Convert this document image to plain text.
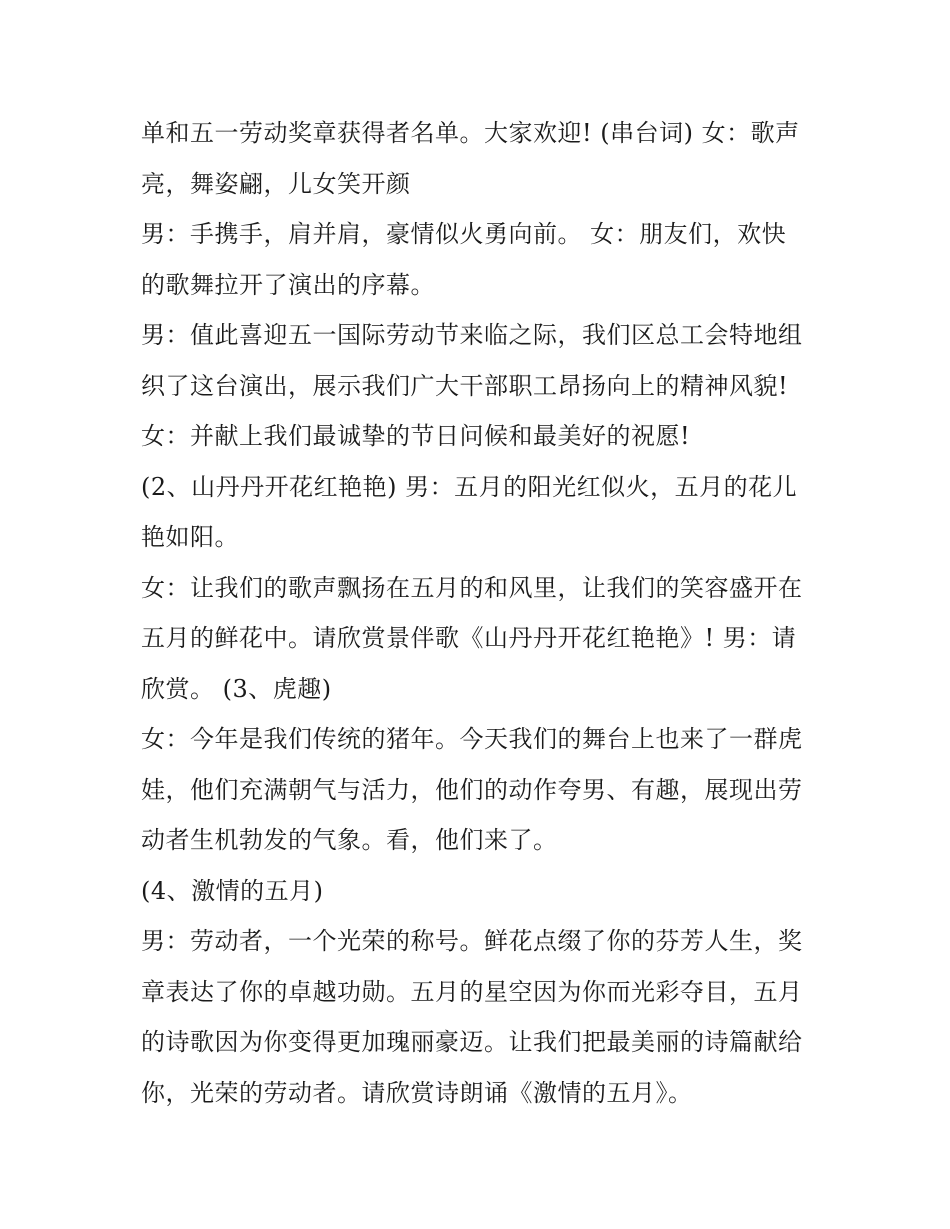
单和五一劳动奖章获得者名单。大家欢迎! (串台词) 女：歌声
亮，舞姿翩，儿女笑开颜
男：手携手，肩并肩，豪情似火勇向前。 女：朋友们，欢快
的歌舞拉开了演出的序幕。
男：值此喜迎五一国际劳动节来临之际，我们区总工会特地组
织了这台演出，展示我们广大干部职工昂扬向上的精神风貌!
女：并献上我们最诚挚的节日问候和最美好的祝愿!
(2、山丹丹开花红艳艳) 男：五月的阳光红似火，五月的花儿
艳如阳。
女：让我们的歌声飘扬在五月的和风里，让我们的笑容盛开在
五月的鲜花中。请欣赏景伴歌《山丹丹开花红艳艳》! 男：请
欣赏。 (3、虎趣)
女：今年是我们传统的猪年。今天我们的舞台上也来了一群虎
娃，他们充满朝气与活力，他们的动作夸男、有趣，展现出劳
动者生机勃发的气象。看，他们来了。
(4、激情的五月)
男：劳动者，一个光荣的称号。鲜花点缀了你的芬芳人生，奖
章表达了你的卓越功勋。五月的星空因为你而光彩夺目，五月
的诗歌因为你变得更加瑰丽豪迈。让我们把最美丽的诗篇献给
你，光荣的劳动者。请欣赏诗朗诵《激情的五月》。
